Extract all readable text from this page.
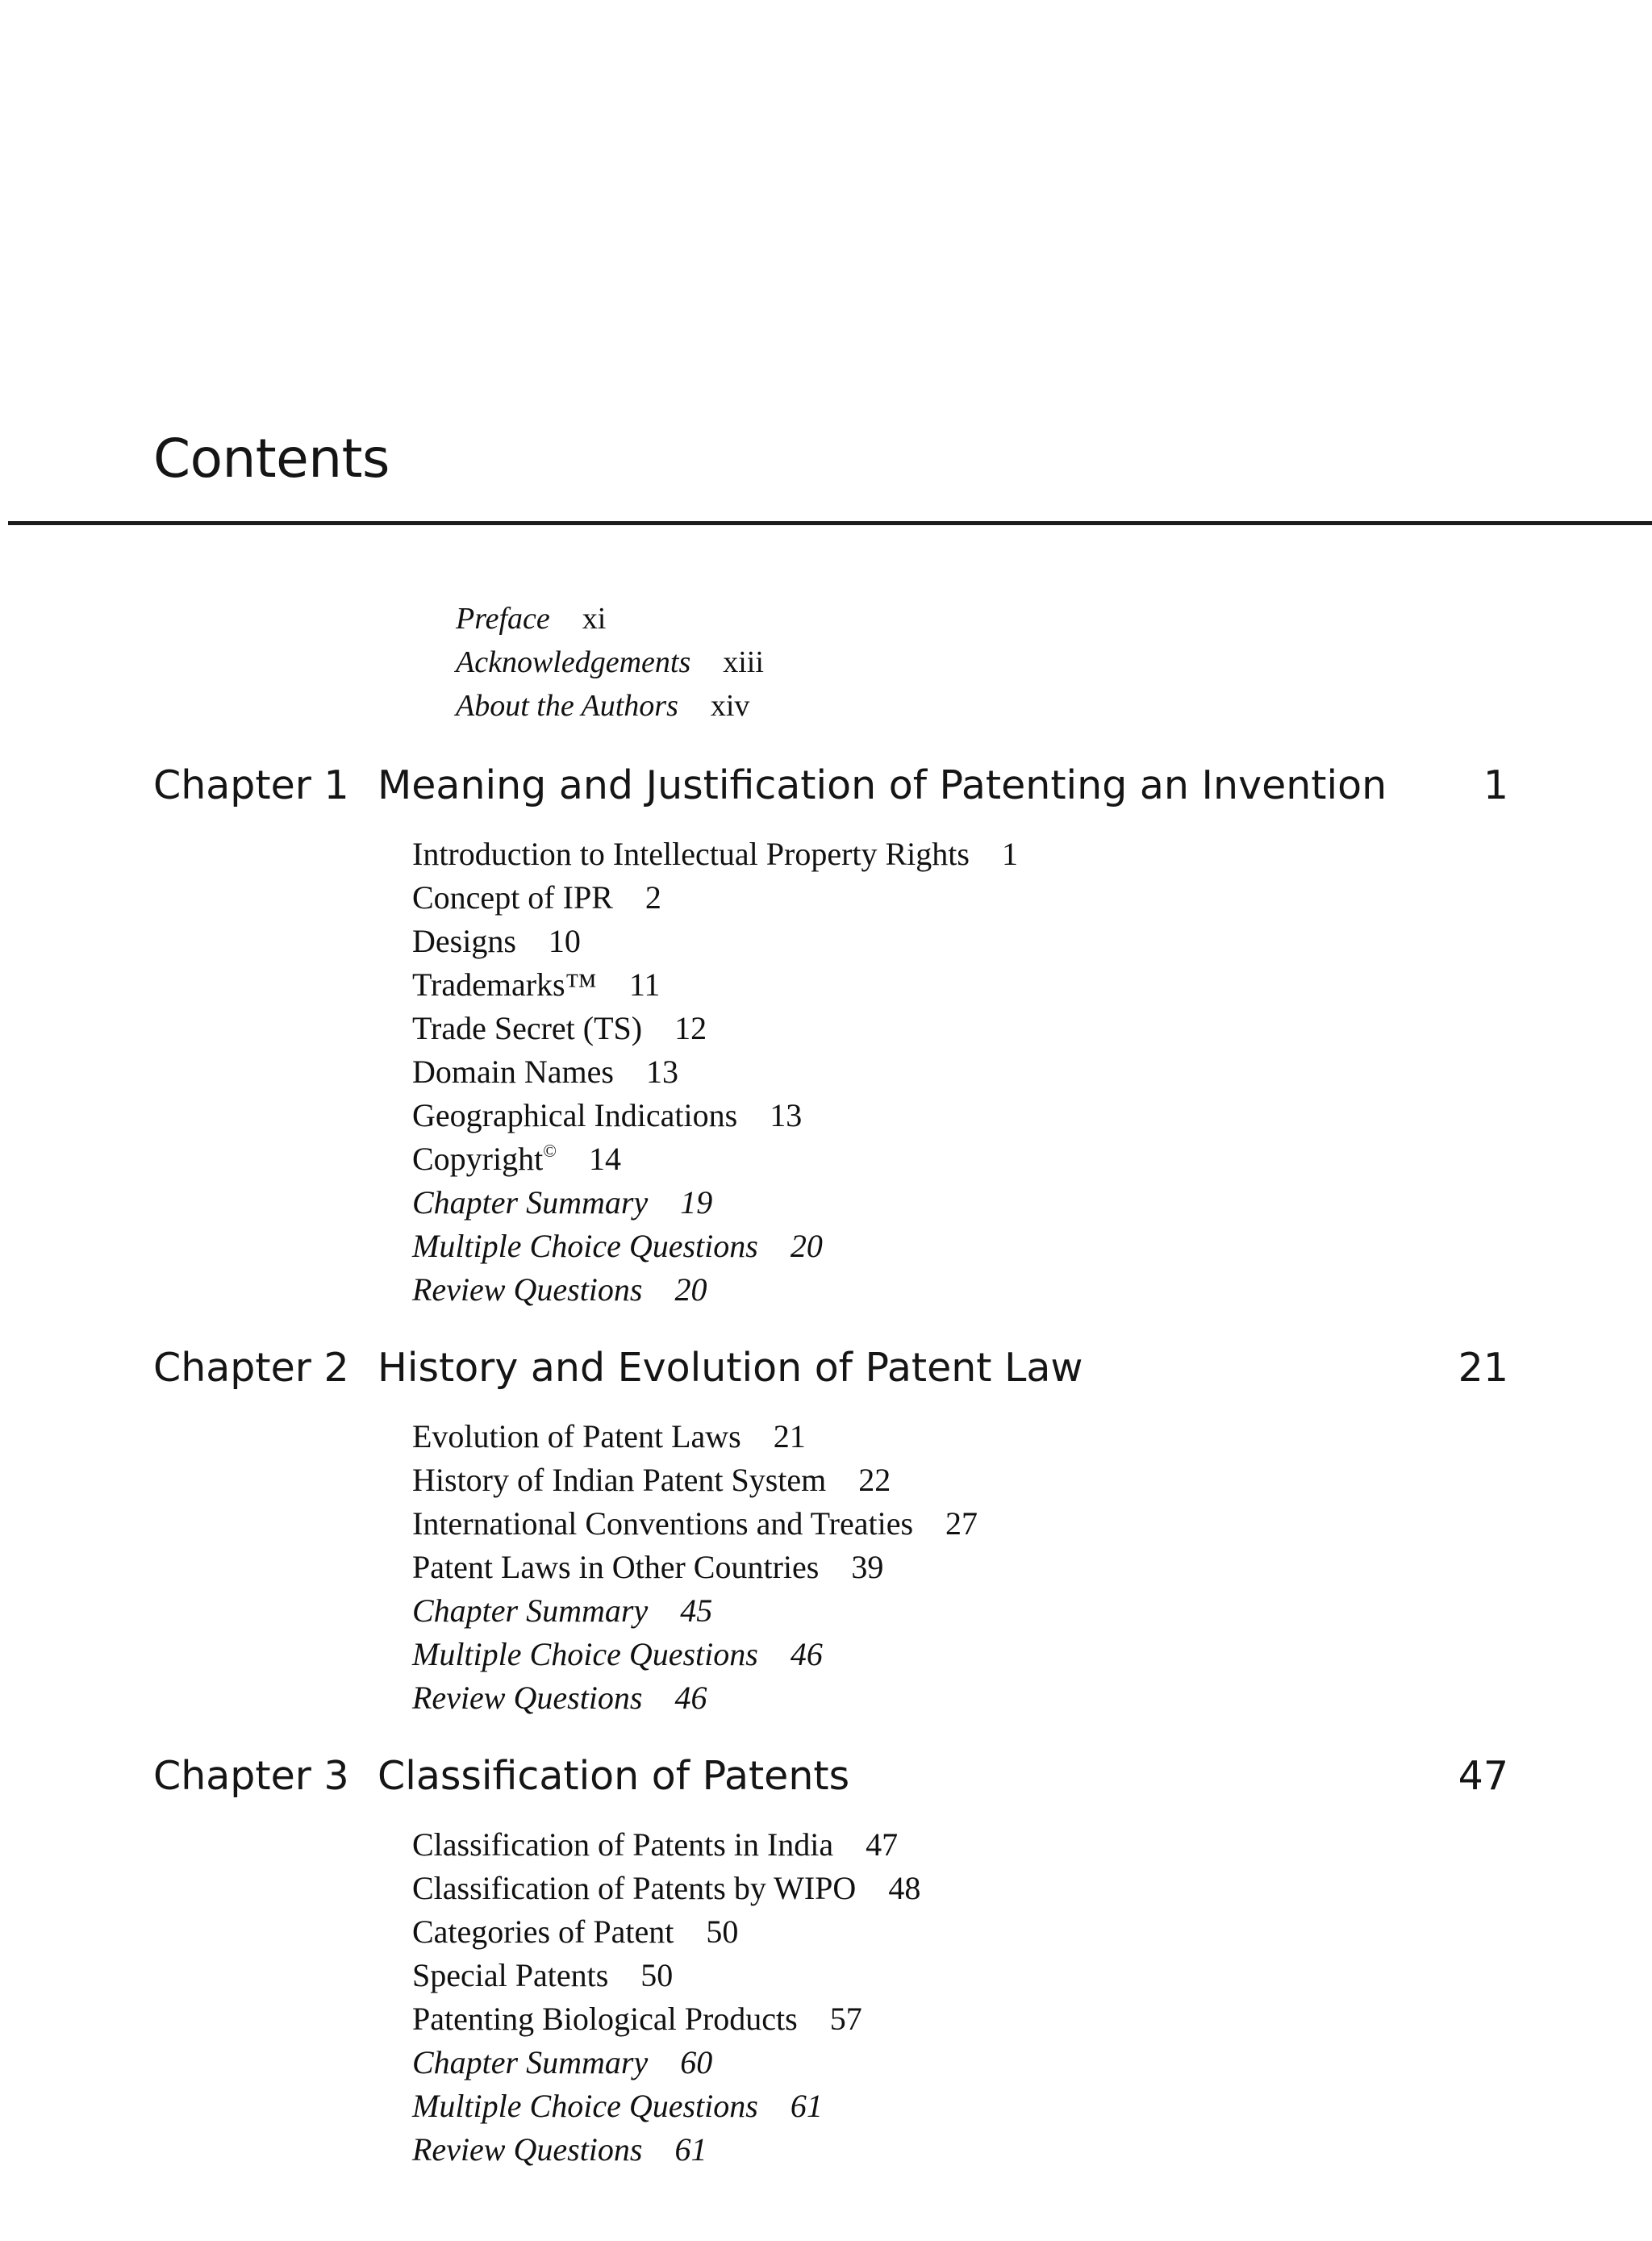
Contents
Preface xi
Acknowledgements xiii
About the Authors xiv
Chapter 1 Meaning and Justification of Patenting an Invention 1
Introduction to Intellectual Property Rights 1
Concept of IPR 2
Designs 10
Trademarks™ 11
Trade Secret (TS) 12
Domain Names 13
Geographical Indications 13
Copyright© 14
Chapter Summary 19
Multiple Choice Questions 20
Review Questions 20
Chapter 2 History and Evolution of Patent Law	21
Evolution of Patent Laws 21
History of Indian Patent System 22
International Conventions and Treaties 27
Patent Laws in Other Countries 39
Chapter Summary 45
Multiple Choice Questions 46
Review Questions 46
Chapter 3 Classification of Patents	47
Classification of Patents in India 47
Classification of Patents by WIPO 48
Categories of Patent 50
Special Patents 50
Patenting Biological Products 57
Chapter Summary 60
Multiple Choice Questions 61
Review Questions 61
